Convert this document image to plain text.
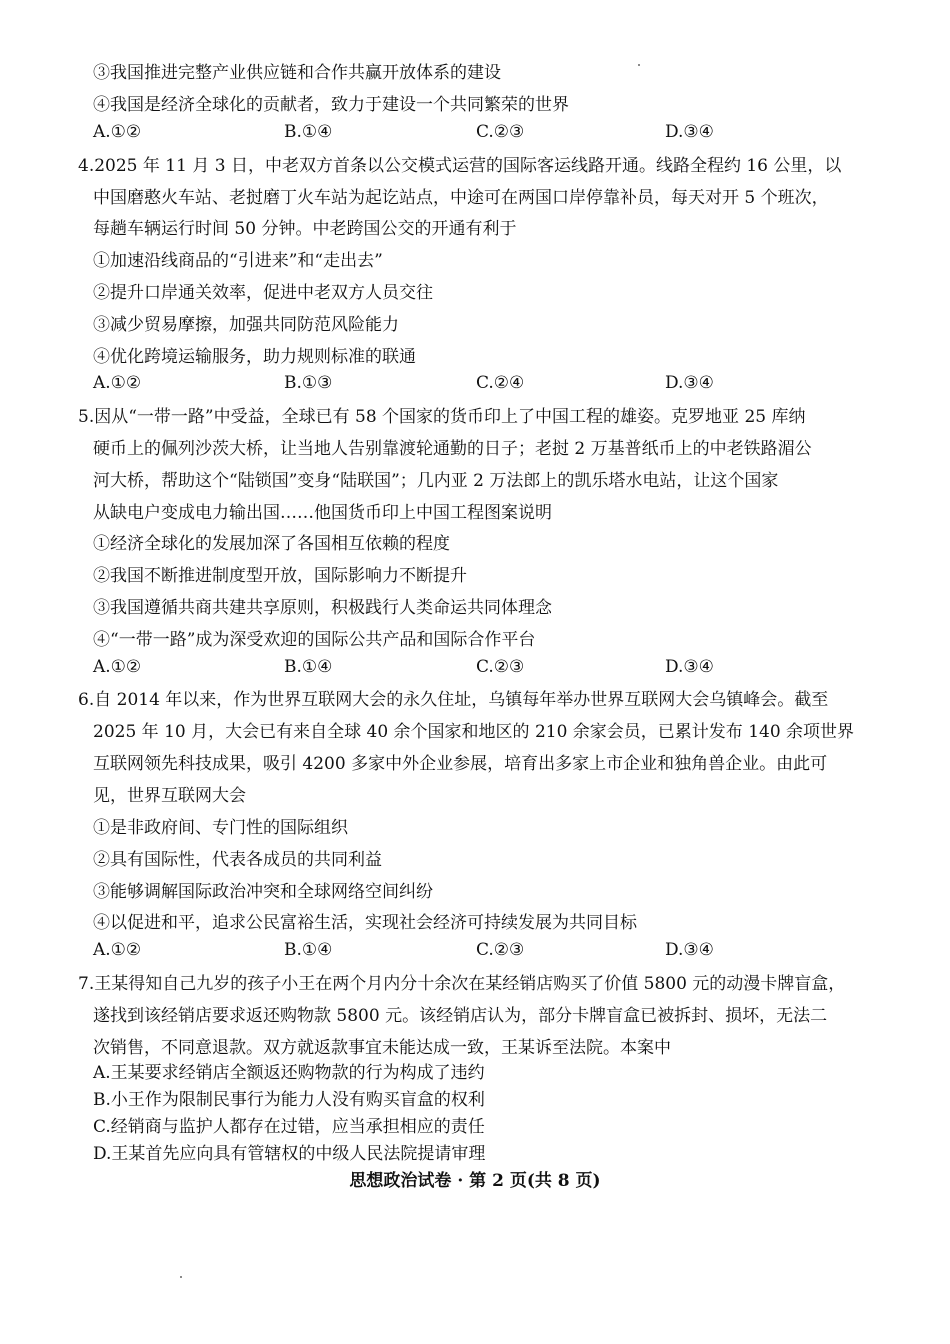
③我国推进完整产业供应链和合作共赢开放体系的建设
④我国是经济全球化的贡献者，致力于建设一个共同繁荣的世界
A.①②	B.①④	C.②③	D.③④
4.2025 年 11 月 3 日，中老双方首条以公交模式运营的国际客运线路开通。线路全程约 16 公里，以
中国磨憨火车站、老挝磨丁火车站为起讫站点，中途可在两国口岸停靠补员，每天对开 5 个班次，
每趟车辆运行时间 50 分钟。中老跨国公交的开通有利于
①加速沿线商品的“引进来”和“走出去”
②提升口岸通关效率，促进中老双方人员交往
③减少贸易摩擦，加强共同防范风险能力
④优化跨境运输服务，助力规则标准的联通
A.①②	B.①③	C.②④	D.③④
5.因从“一带一路”中受益，全球已有 58 个国家的货币印上了中国工程的雄姿。克罗地亚 25 库纳
硬币上的佩列沙茨大桥，让当地人告别靠渡轮通勤的日子；老挝 2 万基普纸币上的中老铁路湄公
河大桥，帮助这个“陆锁国”变身“陆联国”；几内亚 2 万法郎上的凯乐塔水电站，让这个国家
从缺电户变成电力输出国……他国货币印上中国工程图案说明
①经济全球化的发展加深了各国相互依赖的程度
②我国不断推进制度型开放，国际影响力不断提升
③我国遵循共商共建共享原则，积极践行人类命运共同体理念
④“一带一路”成为深受欢迎的国际公共产品和国际合作平台
A.①②	B.①④	C.②③	D.③④
6.自 2014 年以来，作为世界互联网大会的永久住址，乌镇每年举办世界互联网大会乌镇峰会。截至
2025 年 10 月，大会已有来自全球 40 余个国家和地区的 210 余家会员，已累计发布 140 余项世界
互联网领先科技成果，吸引 4200 多家中外企业参展，培育出多家上市企业和独角兽企业。由此可
见，世界互联网大会
①是非政府间、专门性的国际组织
②具有国际性，代表各成员的共同利益
③能够调解国际政治冲突和全球网络空间纠纷
④以促进和平，追求公民富裕生活，实现社会经济可持续发展为共同目标
A.①②	B.①④	C.②③	D.③④
7.王某得知自己九岁的孩子小王在两个月内分十余次在某经销店购买了价值 5800 元的动漫卡牌盲盒，
遂找到该经销店要求返还购物款 5800 元。该经销店认为，部分卡牌盲盒已被拆封、损坏，无法二
次销售，不同意退款。双方就返款事宜未能达成一致，王某诉至法院。本案中
A.王某要求经销店全额返还购物款的行为构成了违约
B.小王作为限制民事行为能力人没有购买盲盒的权利
C.经销商与监护人都存在过错，应当承担相应的责任
D.王某首先应向具有管辖权的中级人民法院提请审理
思想政治试卷 · 第 2 页(共 8 页)
